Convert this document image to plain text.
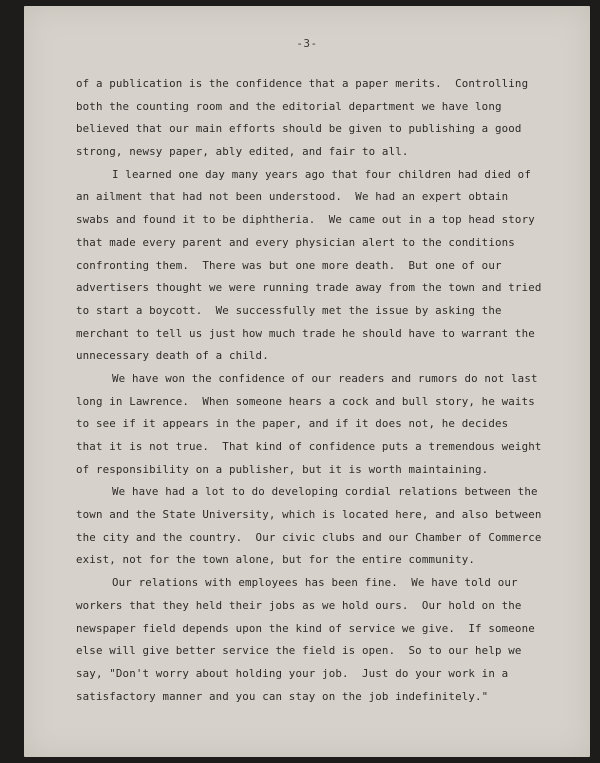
-3-
of a publication is the confidence that a paper merits.  Controlling
both the counting room and the editorial department we have long
believed that our main efforts should be given to publishing a good
strong, newsy paper, ably edited, and fair to all.
I learned one day many years ago that four children had died of
an ailment that had not been understood.  We had an expert obtain
swabs and found it to be diphtheria.  We came out in a top head story
that made every parent and every physician alert to the conditions
confronting them.  There was but one more death.  But one of our
advertisers thought we were running trade away from the town and tried
to start a boycott.  We successfully met the issue by asking the
merchant to tell us just how much trade he should have to warrant the
unnecessary death of a child.
We have won the confidence of our readers and rumors do not last
long in Lawrence.  When someone hears a cock and bull story, he waits
to see if it appears in the paper, and if it does not, he decides
that it is not true.  That kind of confidence puts a tremendous weight
of responsibility on a publisher, but it is worth maintaining.
We have had a lot to do developing cordial relations between the
town and the State University, which is located here, and also between
the city and the country.  Our civic clubs and our Chamber of Commerce
exist, not for the town alone, but for the entire community.
Our relations with employees has been fine.  We have told our
workers that they held their jobs as we hold ours.  Our hold on the
newspaper field depends upon the kind of service we give.  If someone
else will give better service the field is open.  So to our help we
say, "Don't worry about holding your job.  Just do your work in a
satisfactory manner and you can stay on the job indefinitely."
